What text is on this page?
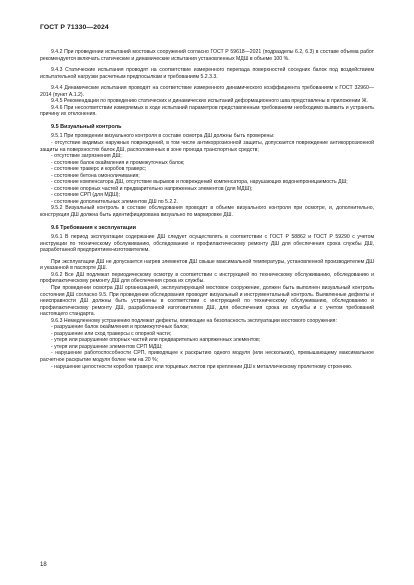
ГОСТ Р 71330—2024

9.4.2 При проведении испытаний мостовых сооружений согласно ГОСТ Р 59618—2021 (подразделы 6.2, 6.3) в составе объема работ рекомендуется включать статические и динамические испытания установленных МДШ в объеме 100 %.

9.4.3 Статические испытания проводят на соответствие измеренного перепада поверхностей соседних балок под воздействием испытательной нагрузки расчетным предпосылкам и требованиям 5.2.3.3.

9.4.4 Динамические испытания проводят на соответствие измеренного динамического коэффициента требованиям к ГОСТ 32960—2014 (пункт А.1.2).

9.4.5 Рекомендации по проведению статических и динамических испытаний деформационного шва представлены в приложении Ж.

9.4.6 При несоответствии измеряемых в ходе испытаний параметров представленным требованиям необходимо выявить и устранить причину их отклонения.

9.5 Визуальный контроль

9.5.1 При проведении визуального контроля в составе осмотра ДШ должны быть проверены:

- отсутствие видимых наружных повреждений, в том числе антикоррозионной защиты, допускается повреждение антикоррозионной защиты на поверхностях балок ДШ, расположенных в зоне проезда транспортных средств;

- отсутствие загрязнения ДШ;

- состояние балок окаймления и промежуточных балок;

- состояние траверс и коробов траверс;

- состояние бетона омоноличивания;

- состояние компенсатора ДШ, отсутствие вырывов и повреждений компенсатора, нарушающих водонепроницаемость ДШ;

- состояние опорных частей и предварительно напряженных элементов (для МДШ);

- состояние СРП (для МДШ);

- состояние дополнительных элементов ДШ по 5.2.2.

9.5.2 Визуальный контроль в составе обследования проводят в объеме визуального контроля при осмотре, и, дополнительно, конструкция ДШ должна быть идентифицирована визуально по маркировке ДШ.

9.6 Требования к эксплуатации

9.6.1 В период эксплуатации содержание ДШ следует осуществлять в соответствии с ГОСТ Р 58862 и ГОСТ Р 59290 с учетом инструкции по техническому обслуживанию, обследованию и профилактическому ремонту ДШ для обеспечения срока службы ДШ, разработанной предприятием-изготовителем.

При эксплуатации ДШ не допускается нагрев элементов ДШ свыше максимальной температуры, установленной производителем ДШ и указанной в паспорте ДШ.

9.6.2 Все ДШ подлежат периодическому осмотру в соответствии с инструкцией по техническому обслуживанию, обследованию и профилактическому ремонту ДШ для обеспечения срока их службы.

При проведении осмотра ДШ организацией, эксплуатирующей мостовое сооружение, должен быть выполнен визуальный контроль состояния ДШ согласно 9.5. При проведении обследования проводят визуальный и инструментальный контроль. Выявленные дефекты и неисправности ДШ должны быть устранены в соответствии с инструкцией по техническому обслуживанию, обследованию и профилактическому ремонту ДШ, разработанной изготовителем ДШ, для обеспечения срока их службы и с учетом требований настоящего стандарта.

9.6.3 Немедленному устранению подлежат дефекты, влияющие на безопасность эксплуатации мостового сооружения:

- разрушение балок окаймления и промежуточных балок;

- разрушение или сход траверсы с опорной части;

- утеря или разрушение опорных частей или предварительно напряженных элементов;

- утеря или разрушение элементов СРП МДШ;

- нарушение работоспособности СРП, приводящее к раскрытию одного модуля (или нескольких), превышающему максимальное расчетное раскрытие модуля более чем на 20 %;

- нарушение целостности коробов траверс или торцевых листов при креплении ДШ к металлическому пролетному строению.

18
